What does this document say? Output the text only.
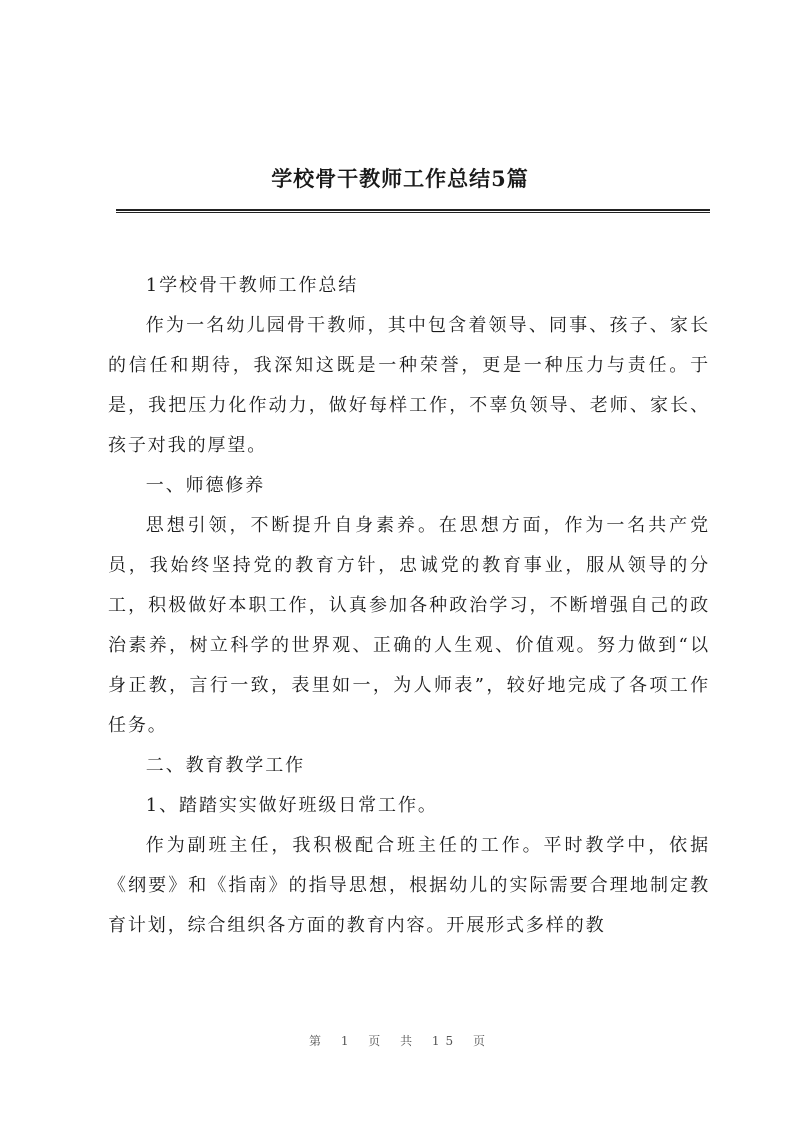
学校骨干教师工作总结5篇

1学校骨干教师工作总结

作为一名幼儿园骨干教师，其中包含着领导、同事、孩子、家长的信任和期待，我深知这既是一种荣誉，更是一种压力与责任。于是，我把压力化作动力，做好每样工作，不辜负领导、老师、家长、孩子对我的厚望。

一、师德修养

思想引领，不断提升自身素养。在思想方面，作为一名共产党员，我始终坚持党的教育方针，忠诚党的教育事业，服从领导的分工，积极做好本职工作，认真参加各种政治学习，不断增强自己的政治素养，树立科学的世界观、正确的人生观、价值观。努力做到“以身正教，言行一致，表里如一，为人师表”，较好地完成了各项工作任务。

二、教育教学工作

1、踏踏实实做好班级日常工作。

作为副班主任，我积极配合班主任的工作。平时教学中，依据《纲要》和《指南》的指导思想，根据幼儿的实际需要合理地制定教育计划，综合组织各方面的教育内容。开展形式多样的教

第 1 页 共 15 页
